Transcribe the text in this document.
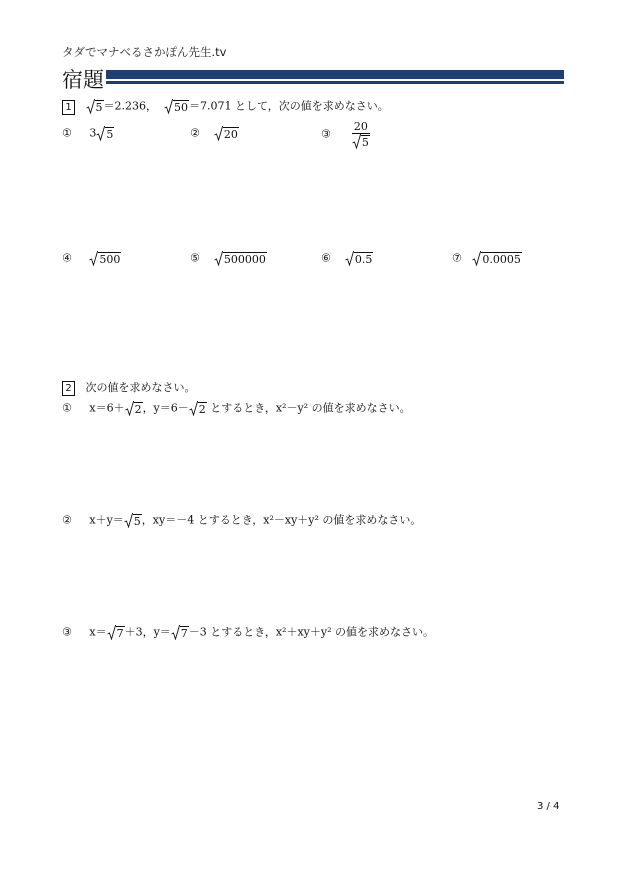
タダでマナベるさかぽん先生.tv
宿題
1 5 ＝2.236， 50 ＝7.071 として，次の値を求めなさい。
① 3 5	② 20	③ $\frac{20}{5}$
④ 500	⑤ 500000	⑥ 0.5	⑦ 0.0005
2 次の値を求めなさい。
① x＝6＋ 2 ，y＝6－ 2 とするとき，x²－y² の値を求めなさい。
② x＋y＝ 5 ，xy＝－4 とするとき，x²－xy＋y² の値を求めなさい。
③ x＝ 7 ＋3，y＝ 7 －3 とするとき，x²＋xy＋y² の値を求めなさい。
3 / 4
